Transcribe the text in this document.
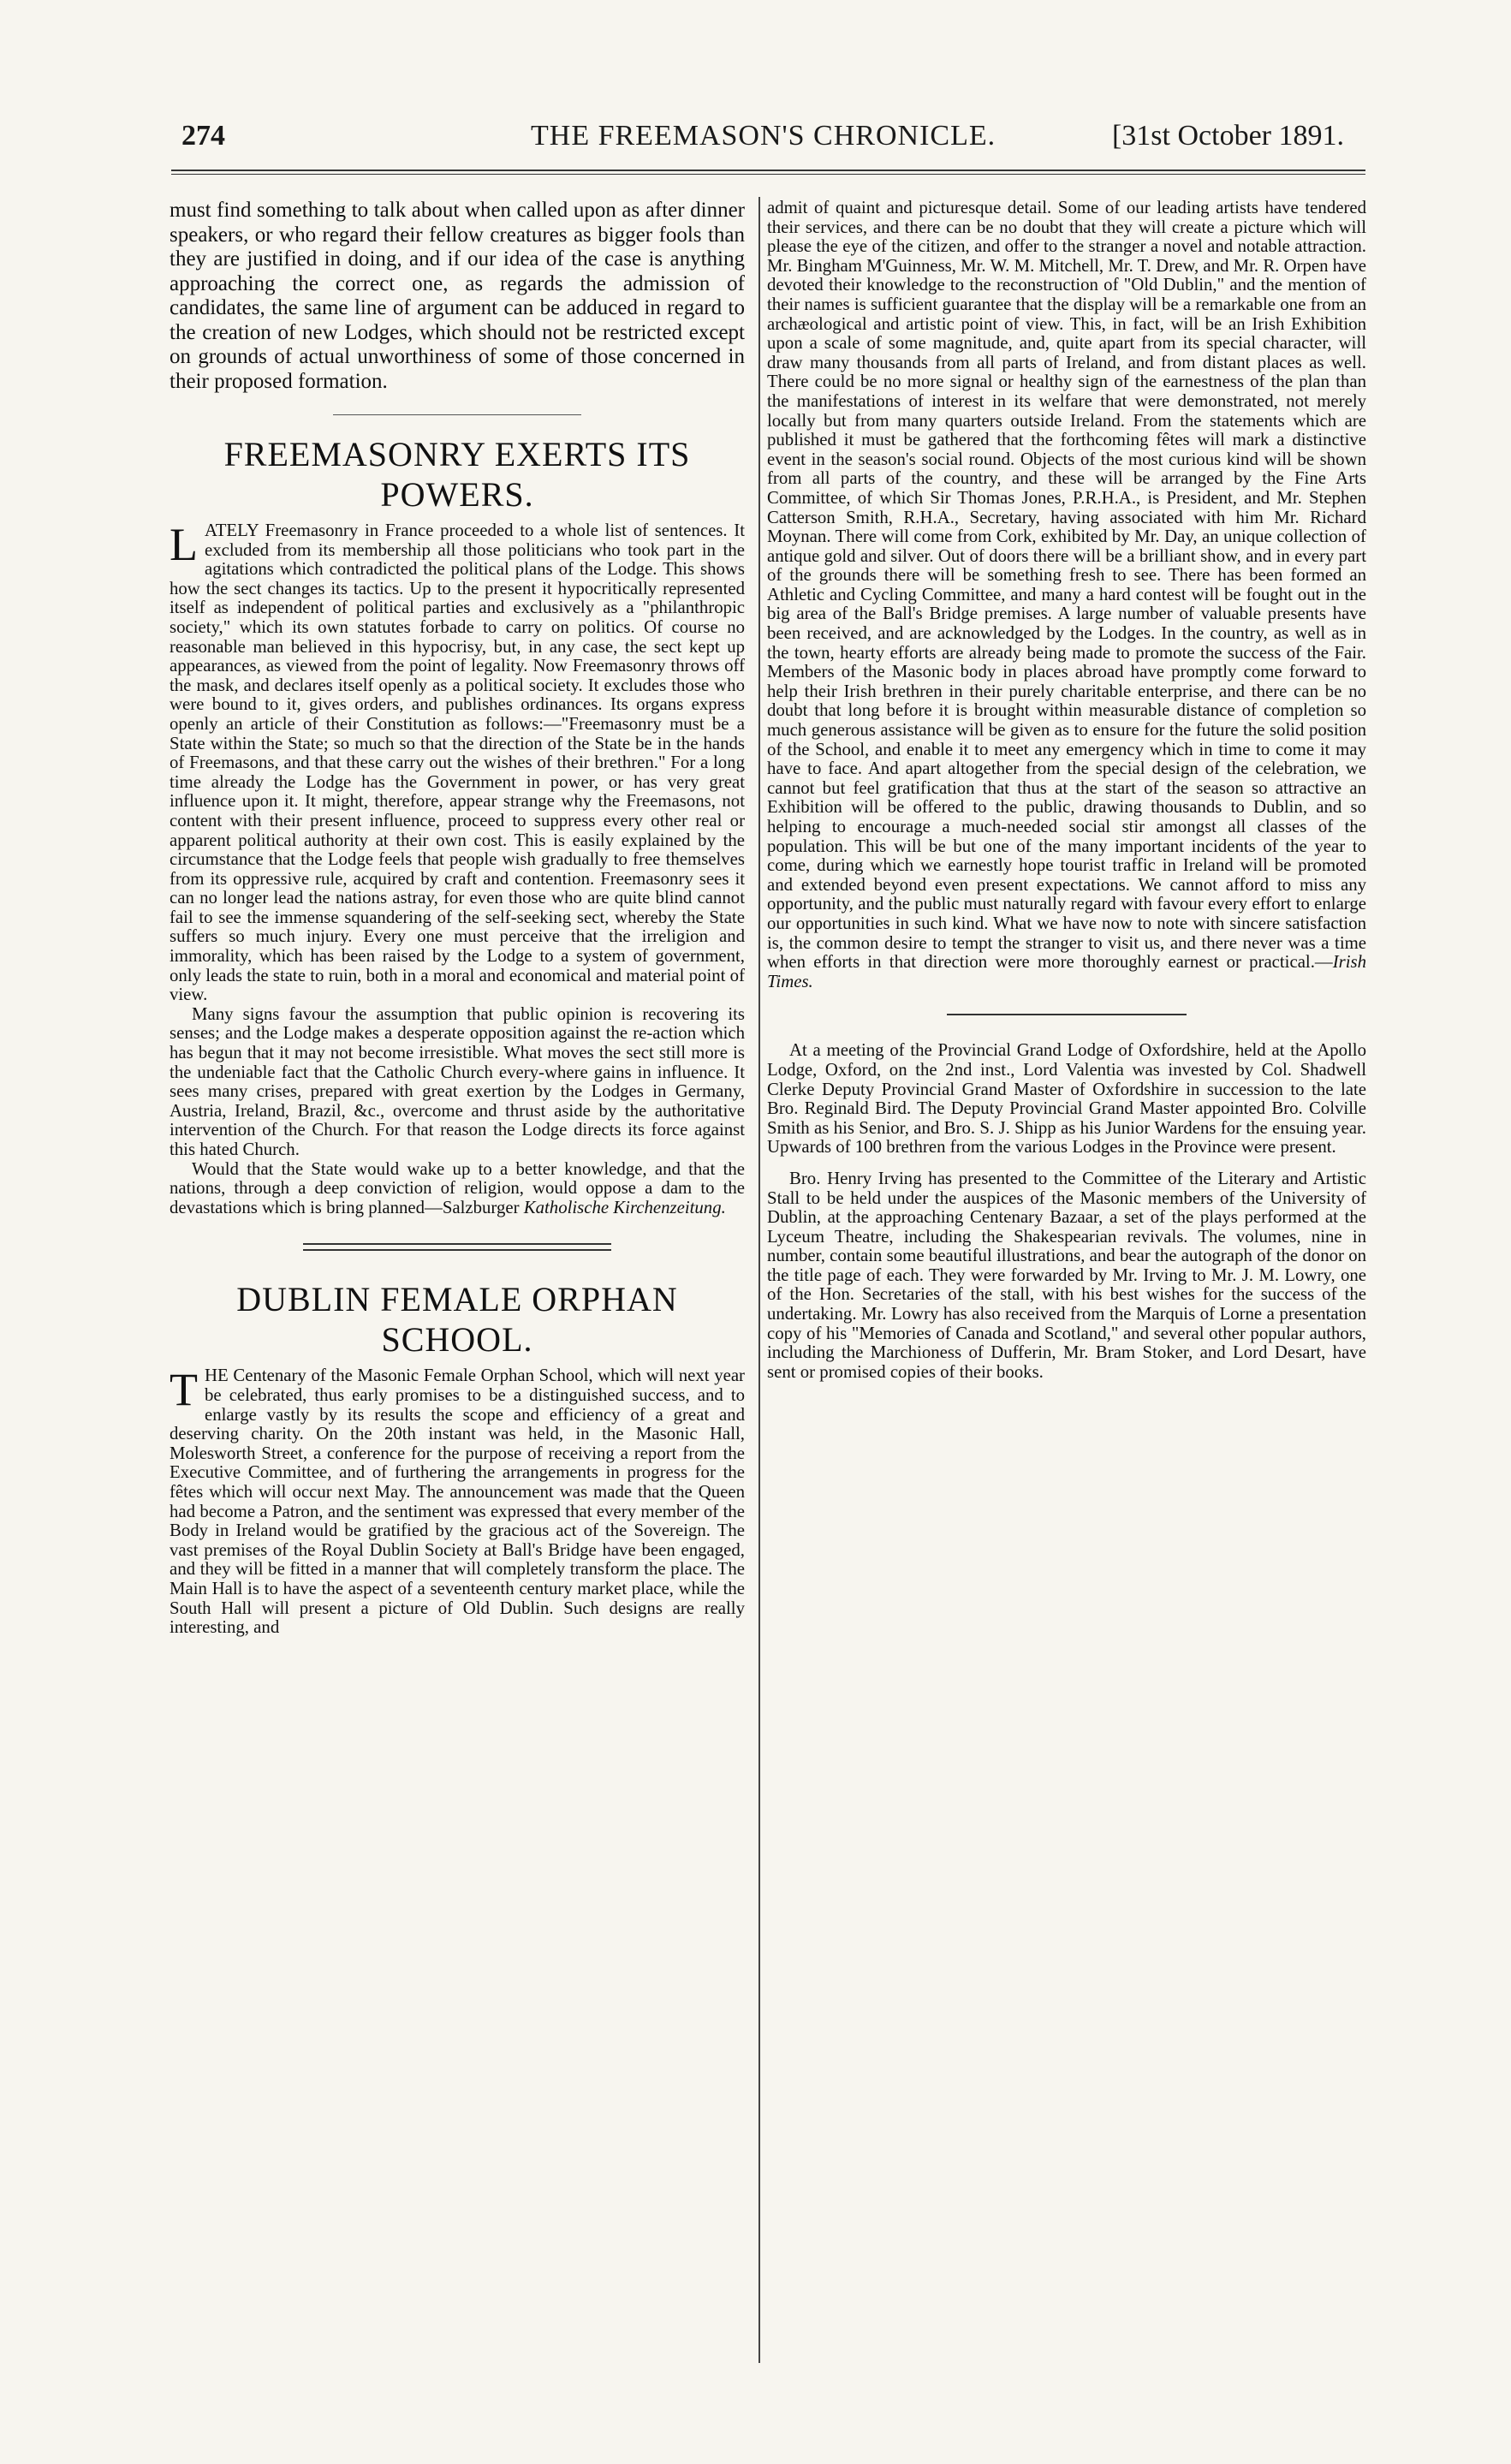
274	THE FREEMASON'S CHRONICLE.	[31st October 1891.

must find something to talk about when called upon as after dinner speakers, or who regard their fellow creatures as bigger fools than they are justified in doing, and if our idea of the case is anything approaching the correct one, as regards the admission of candidates, the same line of argument can be adduced in regard to the creation of new Lodges, which should not be restricted except on grounds of actual unworthiness of some of those concerned in their proposed formation.

FREEMASONRY EXERTS ITS POWERS.

LATELY Freemasonry in France proceeded to a whole list of sentences. It excluded from its membership all those politicians who took part in the agitations which contradicted the political plans of the Lodge. This shows how the sect changes its tactics. Up to the present it hypocritically represented itself as independent of political parties and exclusively as a "philanthropic society," which its own statutes forbade to carry on politics. Of course no reasonable man believed in this hypocrisy, but, in any case, the sect kept up appearances, as viewed from the point of legality. Now Freemasonry throws off the mask, and declares itself openly as a political society. It excludes those who were bound to it, gives orders, and publishes ordinances. Its organs express openly an article of their Constitution as follows:—"Freemasonry must be a State within the State; so much so that the direction of the State be in the hands of Freemasons, and that these carry out the wishes of their brethren." For a long time already the Lodge has the Government in power, or has very great influence upon it. It might, therefore, appear strange why the Freemasons, not content with their present influence, proceed to suppress every other real or apparent political authority at their own cost. This is easily explained by the circumstance that the Lodge feels that people wish gradually to free themselves from its oppressive rule, acquired by craft and contention. Freemasonry sees it can no longer lead the nations astray, for even those who are quite blind cannot fail to see the immense squandering of the self-seeking sect, whereby the State suffers so much injury. Every one must perceive that the irreligion and immorality, which has been raised by the Lodge to a system of government, only leads the state to ruin, both in a moral and economical and material point of view.

Many signs favour the assumption that public opinion is recovering its senses; and the Lodge makes a desperate opposition against the re-action which has begun that it may not become irresistible. What moves the sect still more is the undeniable fact that the Catholic Church every-where gains in influence. It sees many crises, prepared with great exertion by the Lodges in Germany, Austria, Ireland, Brazil, &c., overcome and thrust aside by the authoritative intervention of the Church. For that reason the Lodge directs its force against this hated Church.

Would that the State would wake up to a better knowledge, and that the nations, through a deep conviction of religion, would oppose a dam to the devastations which is bring planned—Salzburger Katholische Kirchenzeitung.

DUBLIN FEMALE ORPHAN SCHOOL.

THE Centenary of the Masonic Female Orphan School, which will next year be celebrated, thus early promises to be a distinguished success, and to enlarge vastly by its results the scope and efficiency of a great and deserving charity. On the 20th instant was held, in the Masonic Hall, Molesworth Street, a conference for the purpose of receiving a report from the Executive Committee, and of furthering the arrangements in progress for the fêtes which will occur next May. The announcement was made that the Queen had become a Patron, and the sentiment was expressed that every member of the Body in Ireland would be gratified by the gracious act of the Sovereign. The vast premises of the Royal Dublin Society at Ball's Bridge have been engaged, and they will be fitted in a manner that will completely transform the place. The Main Hall is to have the aspect of a seventeenth century market place, while the South Hall will present a picture of Old Dublin. Such designs are really interesting, and

admit of quaint and picturesque detail. Some of our leading artists have tendered their services, and there can be no doubt that they will create a picture which will please the eye of the citizen, and offer to the stranger a novel and notable attraction. Mr. Bingham M'Guinness, Mr. W. M. Mitchell, Mr. T. Drew, and Mr. R. Orpen have devoted their knowledge to the reconstruction of "Old Dublin," and the mention of their names is sufficient guarantee that the display will be a remarkable one from an archæological and artistic point of view. This, in fact, will be an Irish Exhibition upon a scale of some magnitude, and, quite apart from its special character, will draw many thousands from all parts of Ireland, and from distant places as well. There could be no more signal or healthy sign of the earnestness of the plan than the manifestations of interest in its welfare that were demonstrated, not merely locally but from many quarters outside Ireland. From the statements which are published it must be gathered that the forthcoming fêtes will mark a distinctive event in the season's social round. Objects of the most curious kind will be shown from all parts of the country, and these will be arranged by the Fine Arts Committee, of which Sir Thomas Jones, P.R.H.A., is President, and Mr. Stephen Catterson Smith, R.H.A., Secretary, having associated with him Mr. Richard Moynan. There will come from Cork, exhibited by Mr. Day, an unique collection of antique gold and silver. Out of doors there will be a brilliant show, and in every part of the grounds there will be something fresh to see. There has been formed an Athletic and Cycling Committee, and many a hard contest will be fought out in the big area of the Ball's Bridge premises. A large number of valuable presents have been received, and are acknowledged by the Lodges. In the country, as well as in the town, hearty efforts are already being made to promote the success of the Fair. Members of the Masonic body in places abroad have promptly come forward to help their Irish brethren in their purely charitable enterprise, and there can be no doubt that long before it is brought within measurable distance of completion so much generous assistance will be given as to ensure for the future the solid position of the School, and enable it to meet any emergency which in time to come it may have to face. And apart altogether from the special design of the celebration, we cannot but feel gratification that thus at the start of the season so attractive an Exhibition will be offered to the public, drawing thousands to Dublin, and so helping to encourage a much-needed social stir amongst all classes of the population. This will be but one of the many important incidents of the year to come, during which we earnestly hope tourist traffic in Ireland will be promoted and extended beyond even present expectations. We cannot afford to miss any opportunity, and the public must naturally regard with favour every effort to enlarge our opportunities in such kind. What we have now to note with sincere satisfaction is, the common desire to tempt the stranger to visit us, and there never was a time when efforts in that direction were more thoroughly earnest or practical.—Irish Times.

At a meeting of the Provincial Grand Lodge of Oxfordshire, held at the Apollo Lodge, Oxford, on the 2nd inst., Lord Valentia was invested by Col. Shadwell Clerke Deputy Provincial Grand Master of Oxfordshire in succession to the late Bro. Reginald Bird. The Deputy Provincial Grand Master appointed Bro. Colville Smith as his Senior, and Bro. S. J. Shipp as his Junior Wardens for the ensuing year. Upwards of 100 brethren from the various Lodges in the Province were present.

Bro. Henry Irving has presented to the Committee of the Literary and Artistic Stall to be held under the auspices of the Masonic members of the University of Dublin, at the approaching Centenary Bazaar, a set of the plays performed at the Lyceum Theatre, including the Shakespearian revivals. The volumes, nine in number, contain some beautiful illustrations, and bear the autograph of the donor on the title page of each. They were forwarded by Mr. Irving to Mr. J. M. Lowry, one of the Hon. Secretaries of the stall, with his best wishes for the success of the undertaking. Mr. Lowry has also received from the Marquis of Lorne a presentation copy of his "Memories of Canada and Scotland," and several other popular authors, including the Marchioness of Dufferin, Mr. Bram Stoker, and Lord Desart, have sent or promised copies of their books.
